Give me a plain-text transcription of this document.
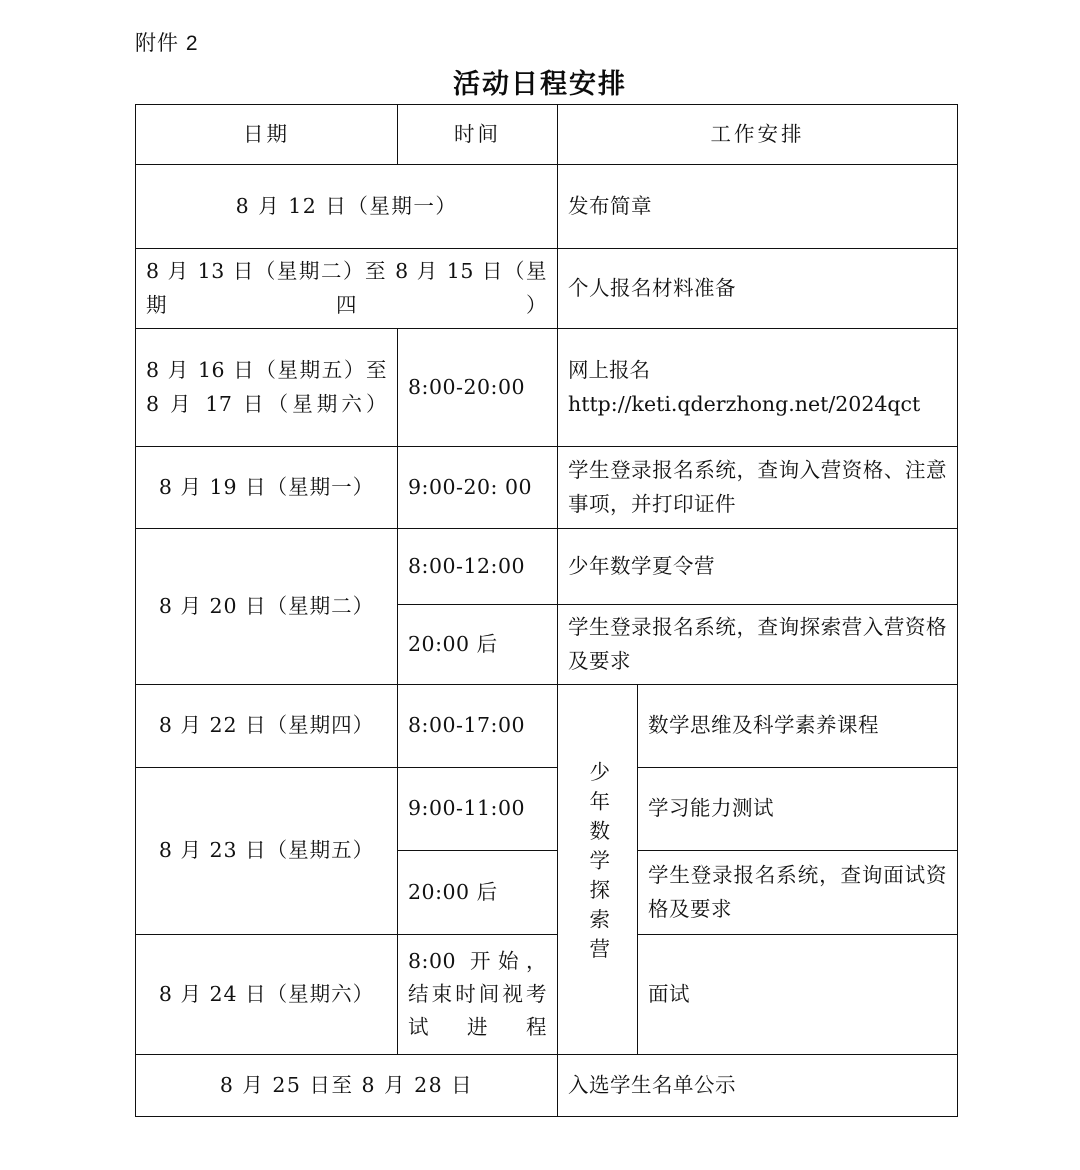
附件 2
活动日程安排
日期	时间	工作安排	
8 月 12 日（星期一）		发布简章	
8 月 13 日（星期二）至 8 月 15 日（星期四）		个人报名材料准备	
8 月 16 日（星期五）至 8 月 17 日（星期六）	8:00-20:00	网上报名
http://keti.qderzhong.net/2024qct	

8 月 19 日（星期一）	9:00-20: 00	学生登录报名系统，查询入营资格、注意事项，并打印证件	
8 月 20 日（星期二）	8:00-12:00	少年数学夏令营	
	20:00 后	学生登录报名系统，查询探索营入营资格及要求	
8 月 22 日（星期四）	8:00-17:00	少年数学探索营	数学思维及科学素养课程
8 月 23 日（星期五）	9:00-11:00		学习能力测试
	20:00 后		学生登录报名系统，查询面试资格及要求
8 月 24 日（星期六）	8:00 开始，结束时间视考试进程		面试
8 月 25 日至 8 月 28 日		入选学生名单公示	
